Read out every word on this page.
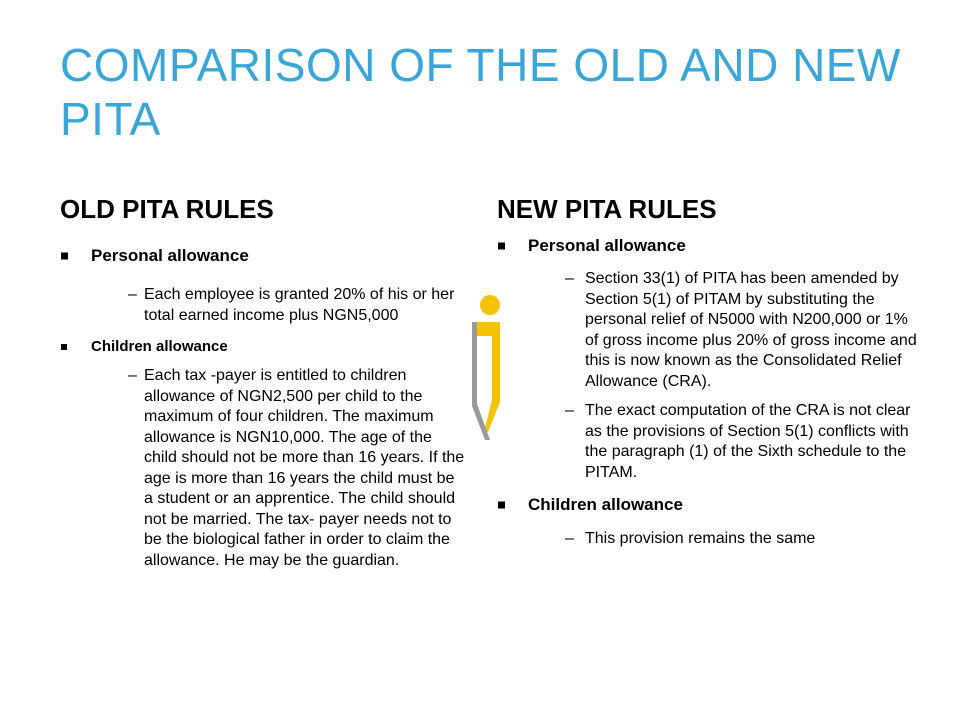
COMPARISON OF THE OLD AND NEW PITA
OLD PITA RULES
Personal allowance
– Each employee is granted 20% of his or her total earned income plus NGN5,000
Children allowance
– Each tax -payer is entitled to children allowance of NGN2,500 per child to the maximum of four children. The maximum allowance is NGN10,000. The age of the child should not be more than 16 years. If the age is more than 16 years the child must be a student or an apprentice. The child should not be married. The tax- payer needs not to be the biological father in order to claim the allowance. He may be the guardian.
NEW PITA RULES
Personal allowance
– Section 33(1) of PITA has been amended by Section 5(1) of PITAM by substituting the personal relief of N5000 with N200,000 or 1% of gross income plus 20% of gross income and this is now known as the Consolidated Relief Allowance (CRA).
– The exact computation of the CRA is not clear as the provisions of Section 5(1) conflicts with the paragraph (1) of the Sixth schedule to the PITAM.
Children allowance
– This provision remains the same
